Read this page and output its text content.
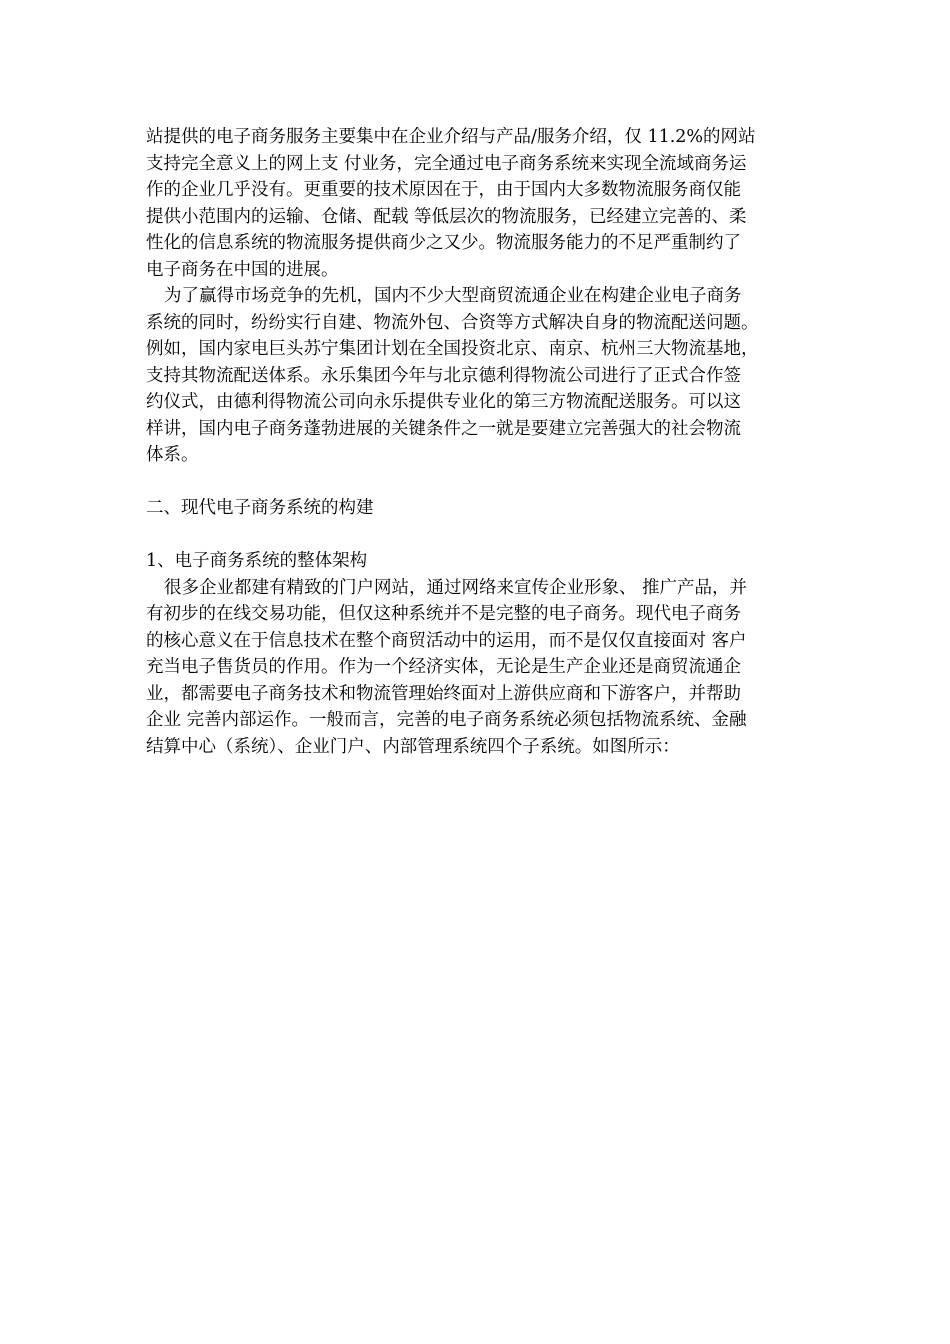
站提供的电子商务服务主要集中在企业介绍与产品/服务介绍，仅 11.2%的网站
支持完全意义上的网上支 付业务，完全通过电子商务系统来实现全流域商务运
作的企业几乎没有。更重要的技术原因在于，由于国内大多数物流服务商仅能
提供小范围内的运输、仓储、配载 等低层次的物流服务，已经建立完善的、柔
性化的信息系统的物流服务提供商少之又少。物流服务能力的不足严重制约了
电子商务在中国的进展。
为了赢得市场竞争的先机，国内不少大型商贸流通企业在构建企业电子商务
系统的同时，纷纷实行自建、物流外包、合资等方式解决自身的物流配送问题。
例如，国内家电巨头苏宁集团计划在全国投资北京、南京、杭州三大物流基地，
支持其物流配送体系。永乐集团今年与北京德利得物流公司进行了正式合作签
约仪式，由德利得物流公司向永乐提供专业化的第三方物流配送服务。可以这
样讲，国内电子商务蓬勃进展的关键条件之一就是要建立完善强大的社会物流
体系。
二、现代电子商务系统的构建
1、电子商务系统的整体架构
很多企业都建有精致的门户网站，通过网络来宣传企业形象、 推广产品，并
有初步的在线交易功能，但仅这种系统并不是完整的电子商务。现代电子商务
的核心意义在于信息技术在整个商贸活动中的运用，而不是仅仅直接面对 客户
充当电子售货员的作用。作为一个经济实体，无论是生产企业还是商贸流通企
业，都需要电子商务技术和物流管理始终面对上游供应商和下游客户，并帮助
企业 完善内部运作。一般而言，完善的电子商务系统必须包括物流系统、金融
结算中心（系统）、企业门户、内部管理系统四个子系统。如图所示：
